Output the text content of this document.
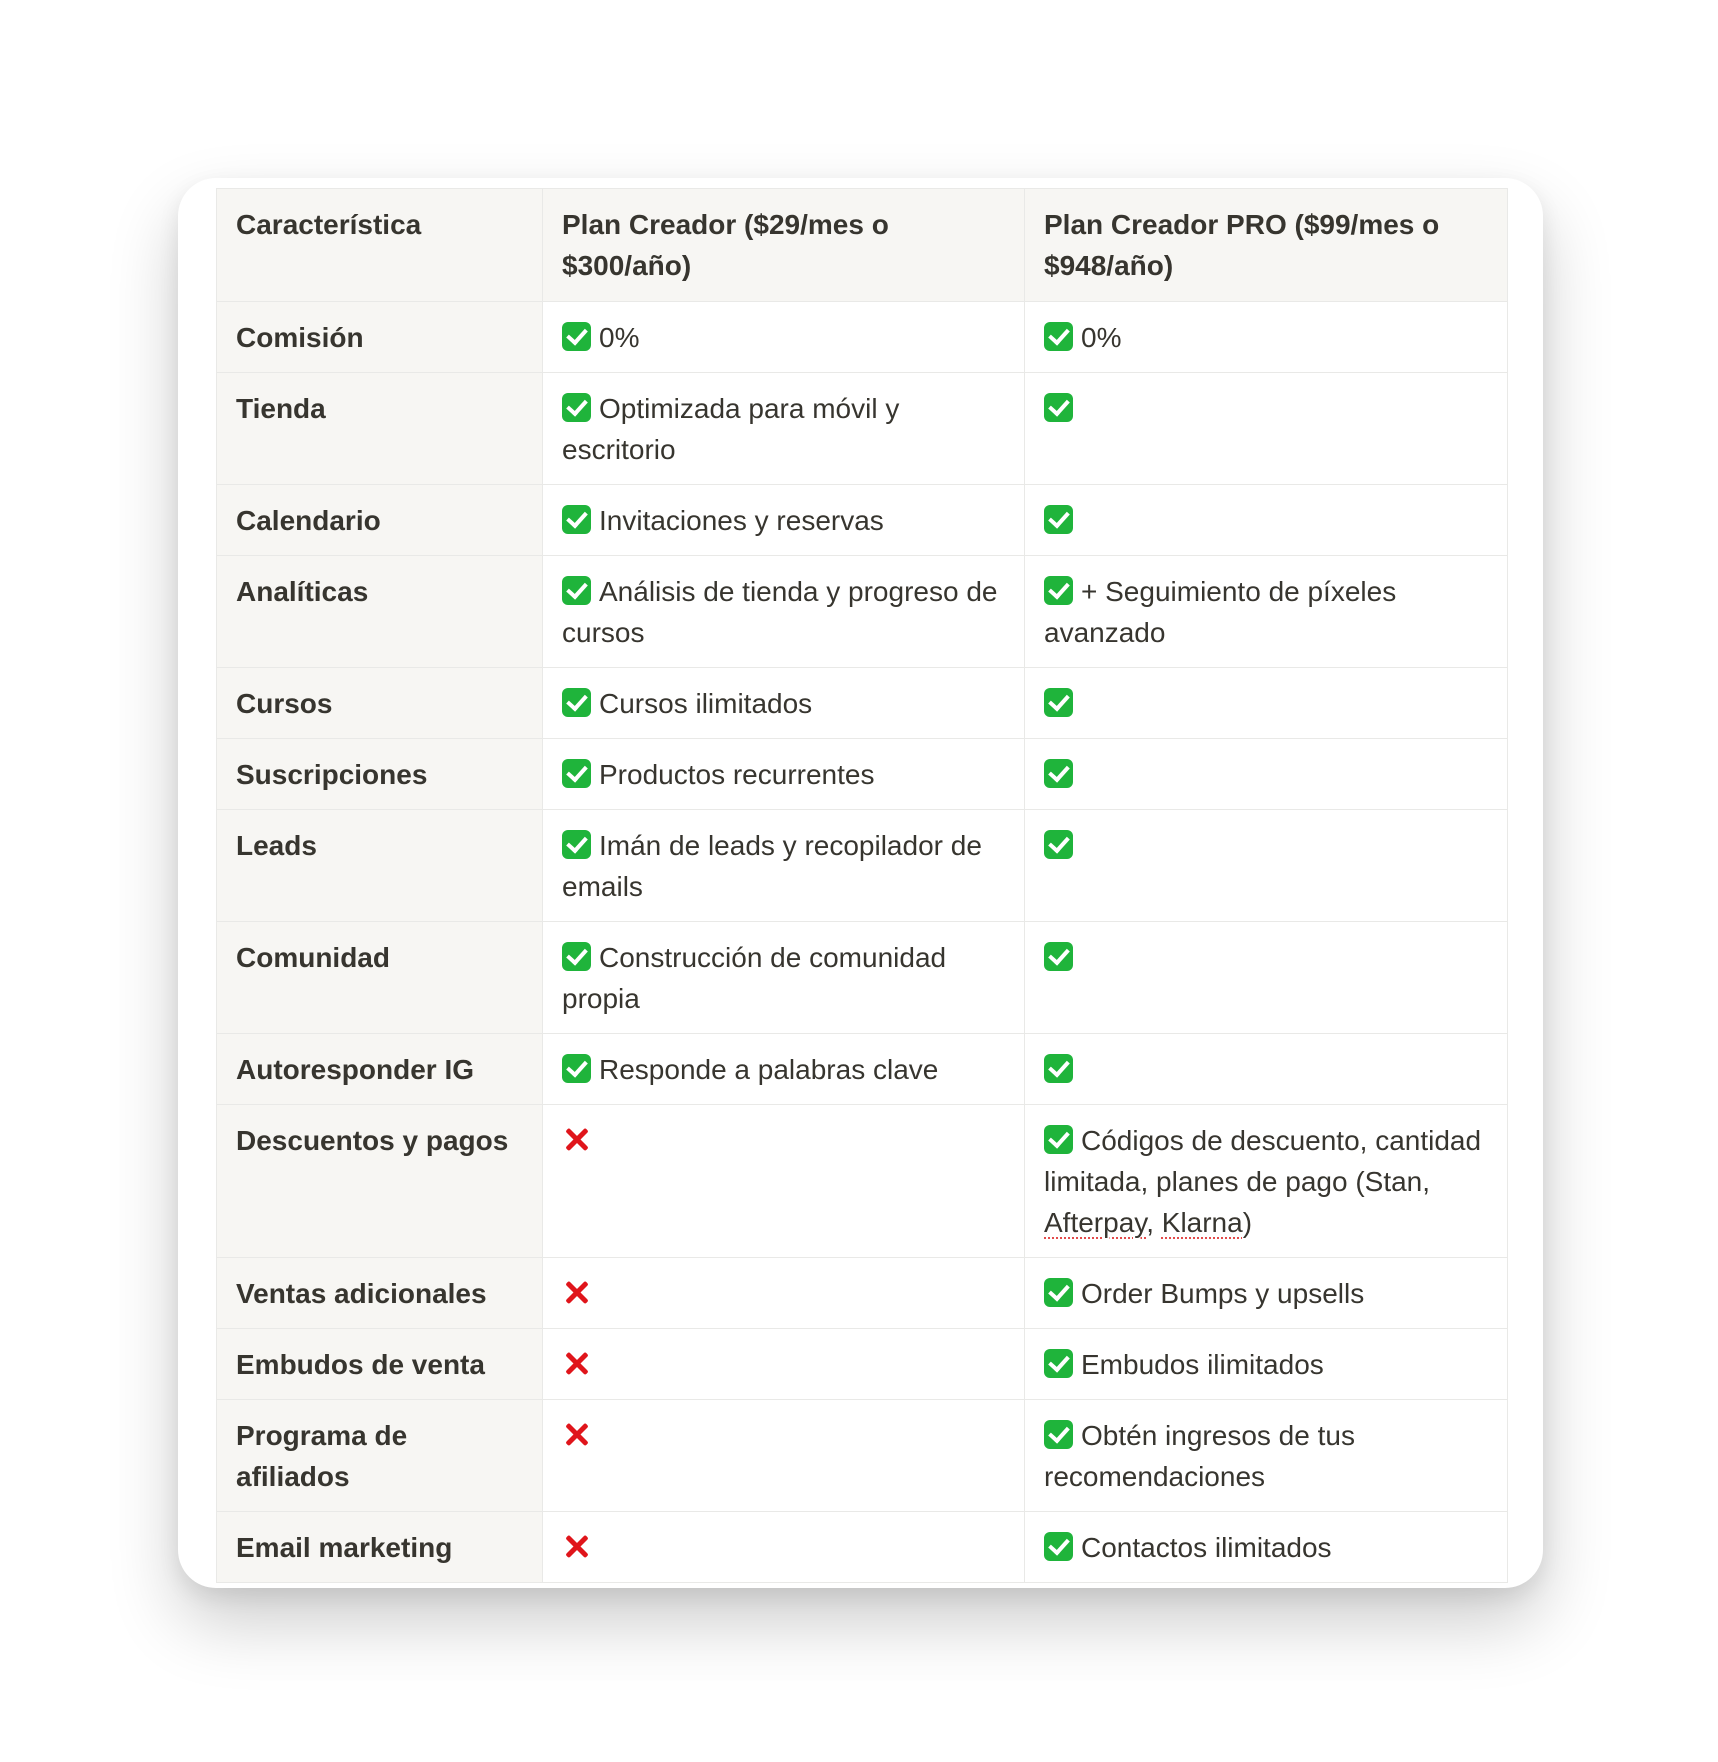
Característica	Plan Creador ($29/mes o $300/año)	Plan Creador PRO ($99/mes o $948/año)
Comisión	0%	0%
Tienda	Optimizada para móvil y escritorio	
Calendario	Invitaciones y reservas	
Analíticas	Análisis de tienda y progreso de cursos	+ Seguimiento de píxeles avanzado
Cursos	Cursos ilimitados	
Suscripciones	Productos recurrentes	
Leads	Imán de leads y recopilador de emails	
Comunidad	Construcción de comunidad propia	
Autoresponder IG	Responde a palabras clave	
Descuentos y pagos		Códigos de descuento, cantidad limitada, planes de pago (Stan, Afterpay, Klarna)
Ventas adicionales		Order Bumps y upsells
Embudos de venta		Embudos ilimitados
Programa de afiliados		Obtén ingresos de tus recomendaciones
Email marketing		Contactos ilimitados
